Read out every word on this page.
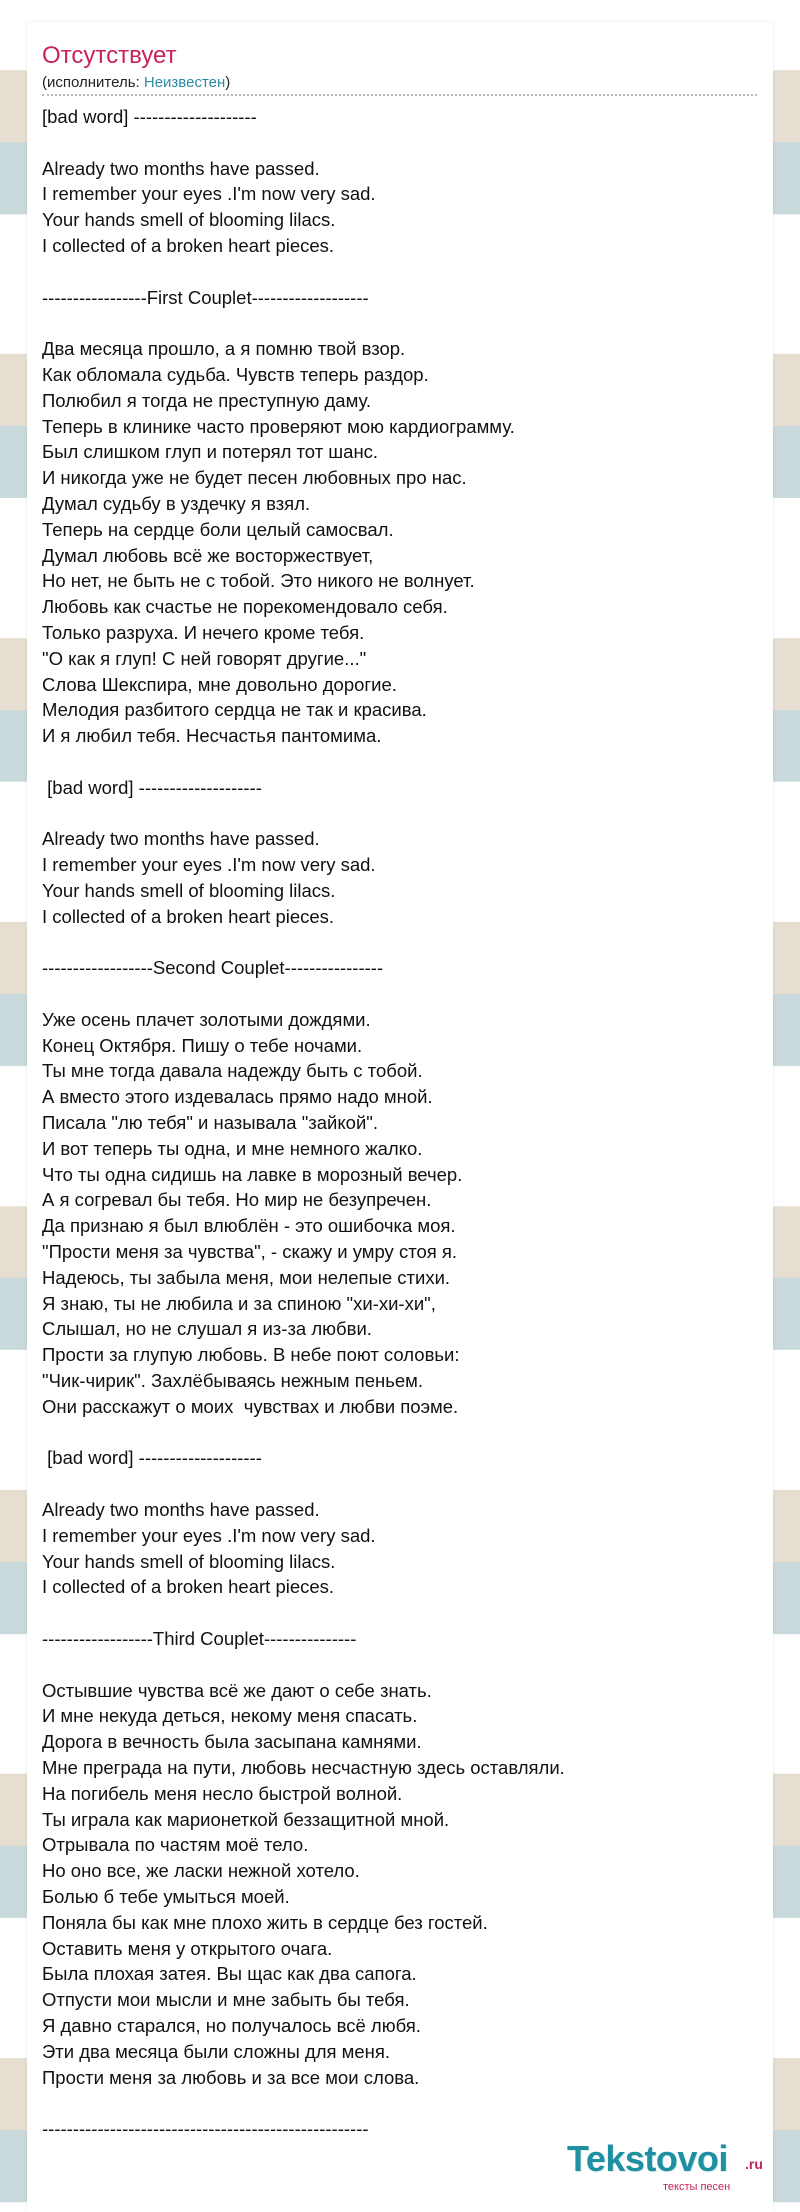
Отсутствует
(исполнитель: Неизвестен)
[bad word] --------------------

Already two months have passed.
I remember your eyes .I'm now very sad.
Your hands smell of blooming lilacs.
I collected of a broken heart pieces.

-----------------First Couplet-------------------

Два месяца прошло, а я помню твой взор.
Как обломала судьба. Чувств теперь раздор.
Полюбил я тогда не преступную даму.
Теперь в клинике часто проверяют мою кардиограмму.
Был слишком глуп и потерял тот шанс.
И никогда уже не будет песен любовных про нас.
Думал судьбу в уздечку я взял.
Теперь на сердце боли целый самосвал.
Думал любовь всё же восторжествует,
Но нет, не быть не с тобой. Это никого не волнует.
Любовь как счастье не порекомендовало себя.
Только разруха. И нечего кроме тебя.
"О как я глуп! С ней говорят другие..."
Слова Шекспира, мне довольно дорогие.
Мелодия разбитого сердца не так и красива.
И я любил тебя. Несчастья пантомима.

[bad word] --------------------

Already two months have passed.
I remember your eyes .I'm now very sad.
Your hands smell of blooming lilacs.
I collected of a broken heart pieces.

------------------Second Couplet----------------

Уже осень плачет золотыми дождями.
Конец Октября. Пишу о тебе ночами.
Ты мне тогда давала надежду быть с тобой.
А вместо этого издевалась прямо надо мной.
Писала "лю тебя" и называла "зайкой".
И вот теперь ты одна, и мне немного жалко.
Что ты одна сидишь на лавке в морозный вечер.
А я согревал бы тебя. Но мир не безупречен.
Да признаю я был влюблён - это ошибочка моя.
"Прости меня за чувства", - скажу и умру стоя я.
Надеюсь, ты забыла меня, мои нелепые стихи.
Я знаю, ты не любила и за спиною "хи-хи-хи",
Слышал, но не слушал я из-за любви.
Прости за глупую любовь. В небе поют соловьи:
"Чик-чирик". Захлёбываясь нежным пеньем.
Они расскажут о моих  чувствах и любви поэме.

[bad word] --------------------

Already two months have passed.
I remember your eyes .I'm now very sad.
Your hands smell of blooming lilacs.
I collected of a broken heart pieces.

------------------Third Couplet---------------

Остывшие чувства всё же дают о себе знать.
И мне некуда деться, некому меня спасать.
Дорога в вечность была засыпана камнями.
Мне преграда на пути, любовь несчастную здесь оставляли.
На погибель меня несло быстрой волной.
Ты играла как марионеткой беззащитной мной.
Отрывала по частям моё тело.
Но оно все, же ласки нежной хотело.
Болью б тебе умыться моей.
Поняла бы как мне плохо жить в сердце без гостей.
Оставить меня у открытого очага.
Была плохая затея. Вы щас как два сапога.
Отпусти мои мысли и мне забыть бы тебя.
Я давно старался, но получалось всё любя.
Эти два месяца были сложны для меня.
Прости меня за любовь и за все мои слова.

-----------------------------------------------------
Tekstovoi .ru
тексты песен
